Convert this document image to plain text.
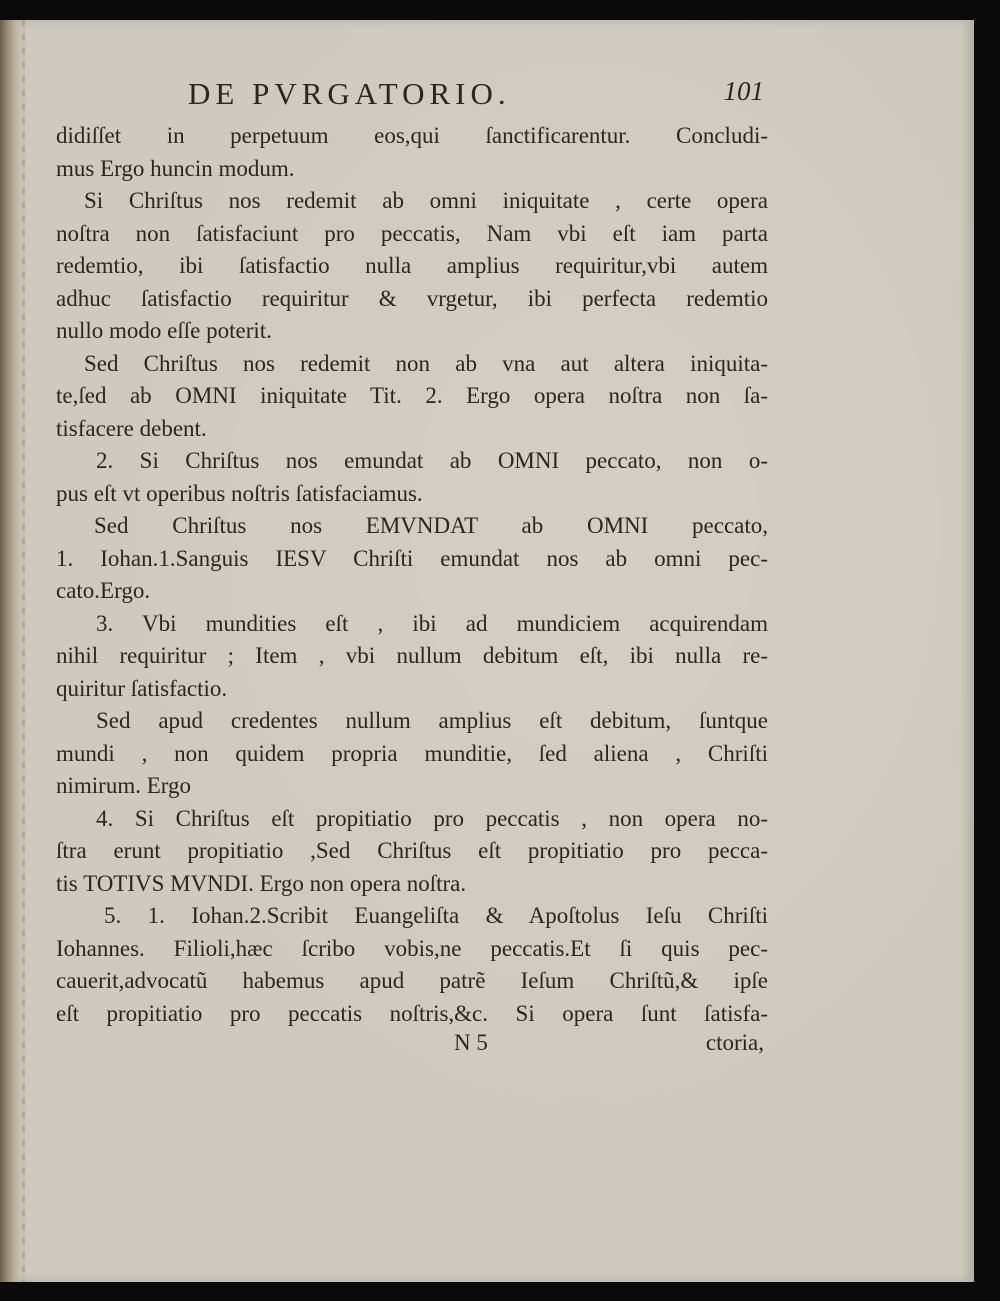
DE PVRGATORIO.	101
didiſſet in perpetuum eos,qui ſanctificarentur. Concludi-
mus Ergo huncin modum.
Si Chriſtus nos redemit ab omni iniquitate , certe opera
noſtra non ſatisfaciunt pro peccatis, Nam vbi eſt iam parta
redemtio, ibi ſatisfactio nulla amplius requiritur,vbi autem
adhuc ſatisfactio requiritur & vrgetur, ibi perfecta redemtio
nullo modo eſſe poterit.
Sed Chriſtus nos redemit non ab vna aut altera iniquita-
te,ſed ab OMNI iniquitate Tit. 2. Ergo opera noſtra non ſa-
tisfacere debent.
2. Si Chriſtus nos emundat ab OMNI peccato, non o-
pus eſt vt operibus noſtris ſatisfaciamus.
Sed Chriſtus nos EMVNDAT ab OMNI peccato,
1. Iohan.1.Sanguis IESV Chriſti emundat nos ab omni pec-
cato.Ergo.
3. Vbi mundities eſt , ibi ad mundiciem acquirendam
nihil requiritur ; Item , vbi nullum debitum eſt, ibi nulla re-
quiritur ſatisfactio.
Sed apud credentes nullum amplius eſt debitum, ſuntque
mundi , non quidem propria munditie, ſed aliena , Chriſti
nimirum. Ergo
4. Si Chriſtus eſt propitiatio pro peccatis , non opera no-
ſtra erunt propitiatio ,Sed Chriſtus eſt propitiatio pro pecca-
tis TOTIVS MVNDI. Ergo non opera noſtra.
5. 1. Iohan.2.Scribit Euangeliſta & Apoſtolus Ieſu Chriſti
Iohannes. Filioli,hæc ſcribo vobis,ne peccatis.Et ſi quis pec-
cauerit,advocatũ habemus apud patrẽ Ieſum Chriſtũ,& ipſe
eſt propitiatio pro peccatis noſtris,&c. Si opera ſunt ſatisfa-
N 5	ctoria,
